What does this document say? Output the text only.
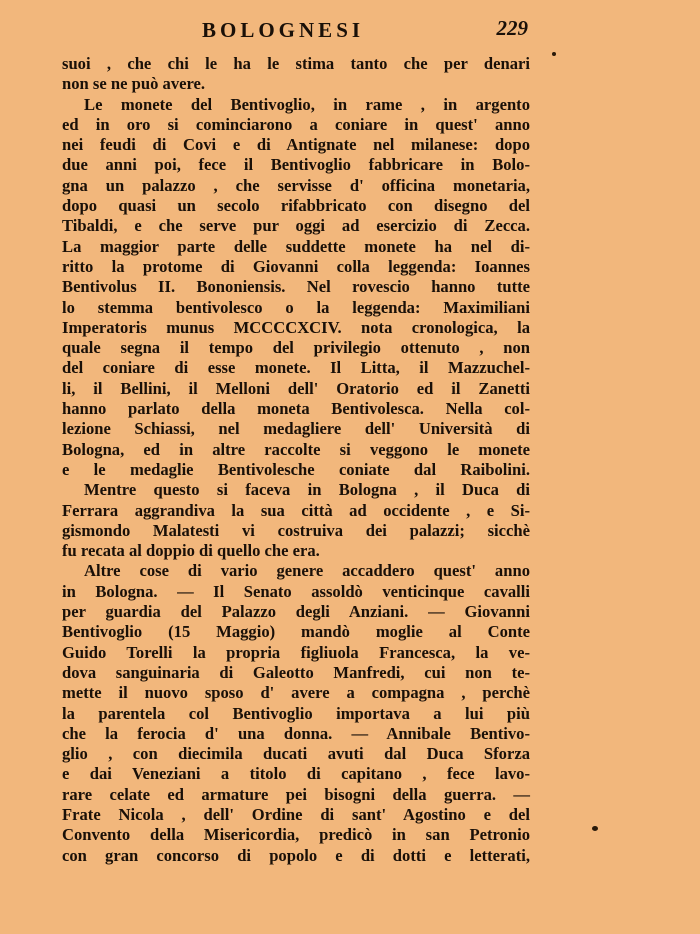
BOLOGNESI	229
suoi , che chi le ha le stima tanto che per denari
non se ne può avere.
Le monete del Bentivoglio, in rame , in argento
ed in oro si cominciarono a coniare in quest' anno
nei feudi di Covi e di Antignate nel milanese: dopo
due anni poi, fece il Bentivoglio fabbricare in Bolo-
gna un palazzo , che servisse d' officina monetaria,
dopo quasi un secolo rifabbricato con disegno del
Tibaldi, e che serve pur oggi ad esercizio di Zecca.
La maggior parte delle suddette monete ha nel di-
ritto la protome di Giovanni colla leggenda: Ioannes
Bentivolus II. Bononiensis. Nel rovescio hanno tutte
lo stemma bentivolesco o la leggenda: Maximiliani
Imperatoris munus MCCCCXCIV. nota cronologica, la
quale segna il tempo del privilegio ottenuto , non
del coniare di esse monete. Il Litta, il Mazzuchel-
li, il Bellini, il Melloni dell' Oratorio ed il Zanetti
hanno parlato della moneta Bentivolesca. Nella col-
lezione Schiassi, nel medagliere dell' Università di
Bologna, ed in altre raccolte si veggono le monete
e le medaglie Bentivolesche coniate dal Raibolini.
Mentre questo si faceva in Bologna , il Duca di
Ferrara aggrandiva la sua città ad occidente , e Si-
gismondo Malatesti vi costruiva dei palazzi; sicchè
fu recata al doppio di quello che era.
Altre cose di vario genere accaddero quest' anno
in Bologna. — Il Senato assoldò venticinque cavalli
per guardia del Palazzo degli Anziani. — Giovanni
Bentivoglio (15 Maggio) mandò moglie al Conte
Guido Torelli la propria figliuola Francesca, la ve-
dova sanguinaria di Galeotto Manfredi, cui non te-
mette il nuovo sposo d' avere a compagna , perchè
la parentela col Bentivoglio importava a lui più
che la ferocia d' una donna. — Annibale Bentivo-
glio , con diecimila ducati avuti dal Duca Sforza
e dai Veneziani a titolo di capitano , fece lavo-
rare celate ed armature pei bisogni della guerra. —
Frate Nicola , dell' Ordine di sant' Agostino e del
Convento della Misericordia, predicò in san Petronio
con gran concorso di popolo e di dotti e letterati,
